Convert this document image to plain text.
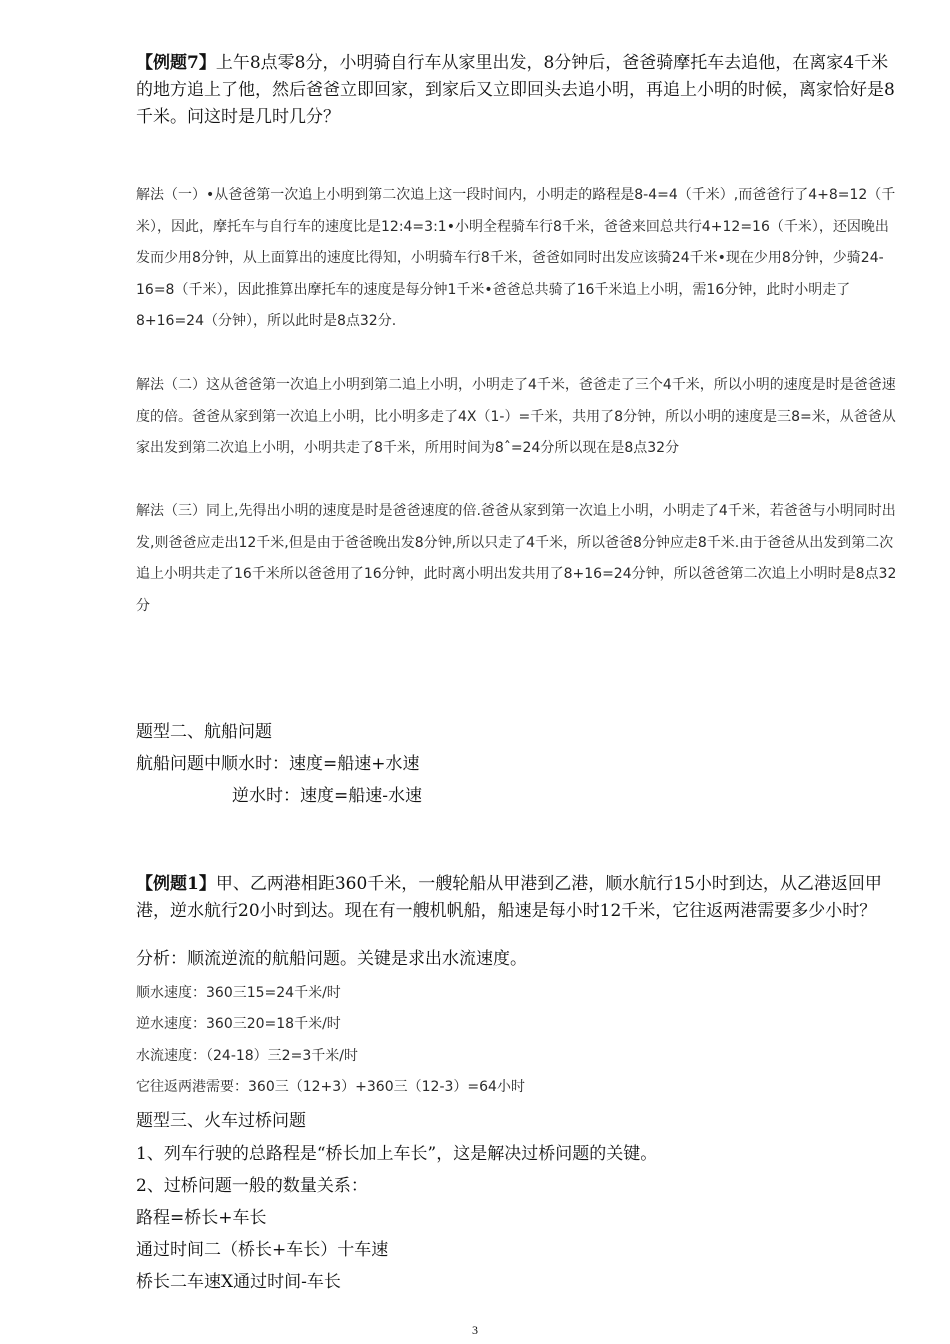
【例题7】上午8点零8分，小明骑自行车从家里出发，8分钟后，爸爸骑摩托车去追他，在离家4千米的地方追上了他，然后爸爸立即回家，到家后又立即回头去追小明，再追上小明的时候，离家恰好是8千米。问这时是几时几分？

解法（一）•从爸爸第一次追上小明到第二次追上这一段时间内，小明走的路程是8-4=4（千米）,而爸爸行了4+8=12（千米），因此，摩托车与自行车的速度比是12:4=3:1•小明全程骑车行8千米，爸爸来回总共行4+12=16（千米），还因晚出发而少用8分钟，从上面算出的速度比得知，小明骑车行8千米，爸爸如同时出发应该骑24千米•现在少用8分钟，少骑24-16=8（千米），因此推算出摩托车的速度是每分钟1千米•爸爸总共骑了16千米追上小明，需16分钟，此时小明走了8+16=24（分钟），所以此时是8点32分.

解法（二）这从爸爸第一次追上小明到第二追上小明，小明走了4千米，爸爸走了三个4千米，所以小明的速度是时是爸爸速度的倍。爸爸从家到第一次追上小明，比小明多走了4X（1-）=千米，共用了8分钟，所以小明的速度是三8=米，从爸爸从家出发到第二次追上小明，小明共走了8千米，所用时间为8ˆ=24分所以现在是8点32分

解法（三）同上,先得出小明的速度是时是爸爸速度的倍.爸爸从家到第一次追上小明，小明走了4千米，若爸爸与小明同时出发,则爸爸应走出12千米,但是由于爸爸晚出发8分钟,所以只走了4千米，所以爸爸8分钟应走8千米.由于爸爸从出发到第二次追上小明共走了16千米所以爸爸用了16分钟，此时离小明出发共用了8+16=24分钟，所以爸爸第二次追上小明时是8点32分

题型二、航船问题
航船问题中顺水时：速度=船速+水速
逆水时：速度=船速-水速

【例题1】甲、乙两港相距360千米，一艘轮船从甲港到乙港，顺水航行15小时到达，从乙港返回甲港，逆水航行20小时到达。现在有一艘机帆船，船速是每小时12千米，它往返两港需要多少小时？

分析：顺流逆流的航船问题。关键是求出水流速度。
顺水速度：360三15=24千米/时
逆水速度：360三20=18千米/时
水流速度：（24-18）三2=3千米/时
它往返两港需要：360三（12+3）+360三（12-3）=64小时
题型三、火车过桥问题
1、列车行驶的总路程是“桥长加上车长”，这是解决过桥问题的关键。
2、过桥问题一般的数量关系：
路程=桥长+车长
通过时间二（桥长+车长）十车速
桥长二车速X通过时间-车长
3
